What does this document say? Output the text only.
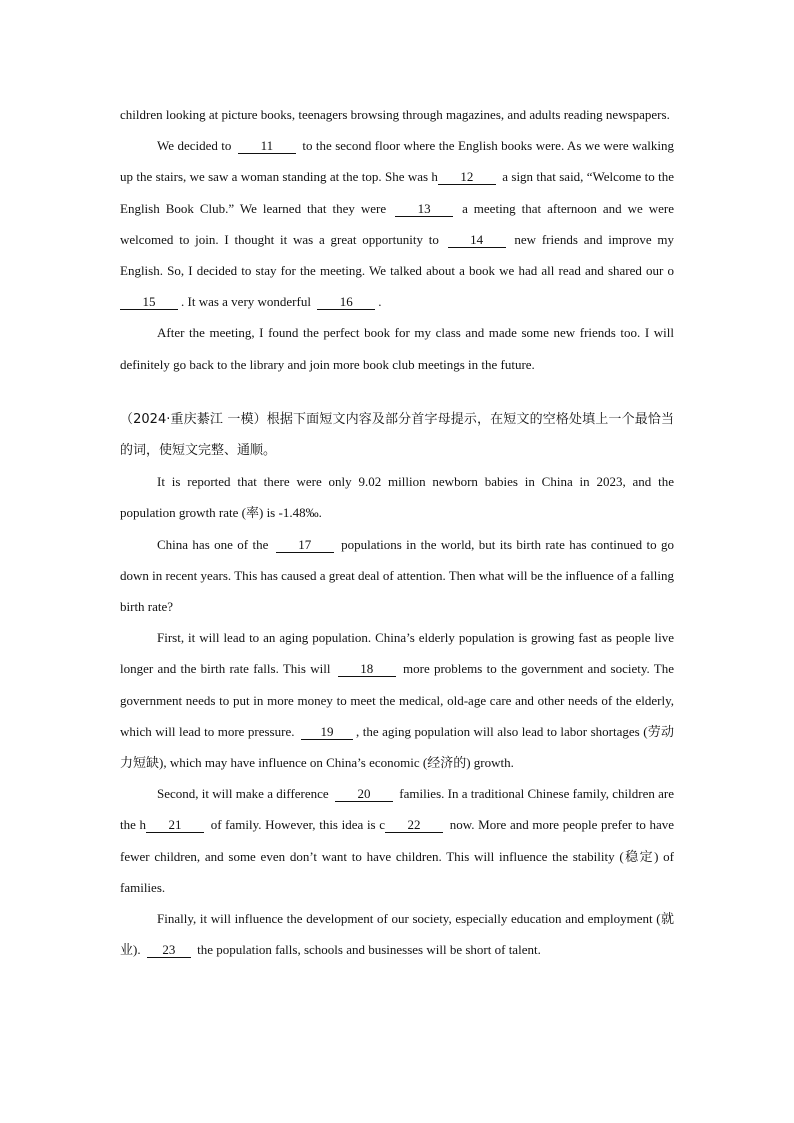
children looking at picture books, teenagers browsing through magazines, and adults reading newspapers.

We decided to 11 to the second floor where the English books were. As we were walking up the stairs, we saw a woman standing at the top. She was h 12 a sign that said, “Welcome to the English Book Club.” We learned that they were 13 a meeting that afternoon and we were welcomed to join. I thought it was a great opportunity to 14 new friends and improve my English. So, I decided to stay for the meeting. We talked about a book we had all read and shared our o15 . It was a very wonderful 16 .

After the meeting, I found the perfect book for my class and made some new friends too. I will definitely go back to the library and join more book club meetings in the future.

（2024·重庆綦江 一模）根据下面短文内容及部分首字母提示，在短文的空格处填上一个最恰当的词，使短文完整、通顺。

It is reported that there were only 9.02 million newborn babies in China in 2023, and the population growth rate (率) is -1.48‰.

China has one of the 17 populations in the world, but its birth rate has continued to go down in recent years. This has caused a great deal of attention. Then what will be the influence of a falling birth rate?

First, it will lead to an aging population. China’s elderly population is growing fast as people live longer and the birth rate falls. This will 18 more problems to the government and society. The government needs to put in more money to meet the medical, old-age care and other needs of the elderly, which will lead to more pressure. 19 , the aging population will also lead to labor shortages (劳动力短缺), which may have influence on China’s economic (经济的) growth.

Second, it will make a difference 20 families. In a traditional Chinese family, children are the h 21 of family. However, this idea is c 22 now. More and more people prefer to have fewer children, and some even don’t want to have children. This will influence the stability (稳定) of families.

Finally, it will influence the development of our society, especially education and employment (就业). 23 the population falls, schools and businesses will be short of talent.
